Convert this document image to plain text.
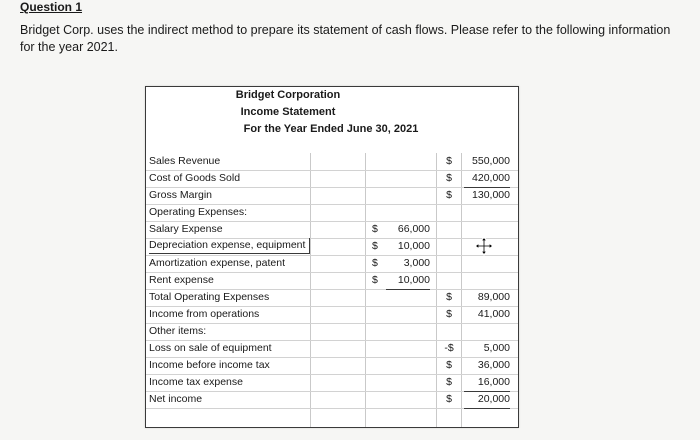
Question 1
Bridget Corp. uses the indirect method to prepare its statement of cash flows. Please refer to the following information for the year 2021.
Bridget Corporation
Income Statement
For the Year Ended June 30, 2021
Sales Revenue	$	550,000
Cost of Goods Sold	$	420,000
Gross Margin	$	130,000
Operating Expenses:
Salary Expense	$	66,000
Depreciation expense, equipment	$	10,000
Amortization expense, patent	$	3,000
Rent expense	$	10,000
Total Operating Expenses	$	89,000
Income from operations	$	41,000
Other items:
Loss on sale of equipment	-$	5,000
Income before income tax	$	36,000
Income tax expense	$	16,000
Net income	$	20,000
